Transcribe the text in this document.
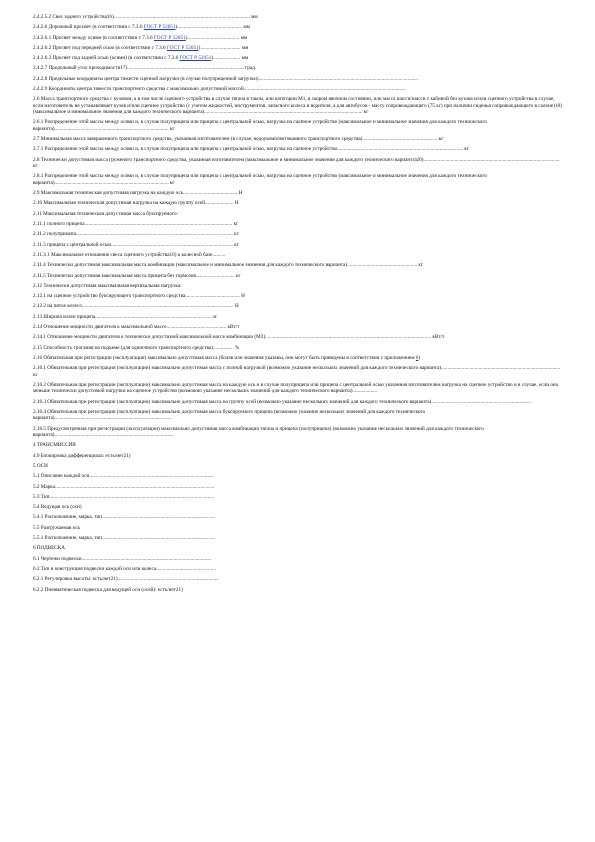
2.4.2.5.2 Свес заднего устройства16)......................................................................................................... мм

2.4.2.6 Дорожный просвет (в соответствии с 7.3.6 ГОСТ Р 52051).................................................. мм

2.4.2.6.1 Просвет между осями (в соответствии с 7.3.6 ГОСТ Р 52051)........................................ мм

2.4.2.6.2 Просвет под передней осью (в соответствии с 7.3.6 ГОСТ Р 52051)............................... мм

2.4.2.6.3 Просвет под задней осью (осями) (в соответствии с 7.3.6 ГОСТ Р 52051)..................... мм

2.4.2.7 Продольный угол проходимости17).......................................................................................... град.

2.4.2.8 Предельные координаты центра тяжести сцепной нагрузки (в случае полуприцепной загрузки)...........................................................................................................................

2.4.2.9 Координаты центра тяжести транспортного средства с максимально допустимой массой.............................................................................................................................

2.6 Масса транспортного средства с кузовом, а в том числе сцепного устройства в случае тягача в таком, или категории M1, в скором явочном состоянии, или масса шасси/шасси с кабиной без кузова и/или сцепного устройства в случае, если изготовитель не устанавливает кузов и/или сцепное устройство (с учетом жидкостей, инструментов, запасного колеса и водителя, а для автобусов - массу сопровождающего (75 кг) при наличии сиденья сопровождающего в салоне)18) (максимальное и минимальное значения для каждого технического варианта).......................................................................................................................... кг

2.6.1 Распределение этой массы между осями и, в случае полуприцепа или прицепа с центральной осью, нагрузка на сцепное устройство (максимальное и минимальное значения для каждого технического варианта)........................................................................................ кг

2.7 Минимальная масса завершенного транспортного средства, указанная изготовителем (в случае, недоукомплектованного транспортного средства).......................................................... кг

2.7.1 Распределение этой массы между осями и, в случае полуприцепа или прицепа с центральной осью, нагрузка на сцепное устройство................................................................................................. кг

2.8 Технически допустимая масса груженого транспортного средства, указанная изготовителем (максимальное и минимальное значения для каждого технического варианта)20)......................................................................................................... кг

2.8.1 Распределение этой массы между осями и, в случае полуприцепа или прицепа с центральной осью, нагрузка на сцепное устройство (максимальное и минимальное значения для каждого технического варианта)........................................................................................ кг

2.9 Максимальная техническая допустимая нагрузка на каждую ось.......................................... Н

2.10 Максимальная техническая допустимая нагрузка на каждую группу осей...................... Н

2.11 Максимальная техническая допустимая масса буксируемого:

2.11.1 полного прицепа.................................................................................................................. кг

2.11.2 полуприцепа......................................................................................................................... кг

2.11.3 прицепа с центральной осью.............................................................................................. кг

2.11.3.1 Максимальное отношение свеса сцепного устройства16) к колесной базе..........

2.11.4 Технически допустимая максимальная масса комбинации (максимальное и минимальное значения для каждого технического варианта)...................................................... кг

2.11.5 Технически допустимая максимальная масса прицепа без тормозов.............................. кг

2.12 Технически допустимая максимальная вертикальная нагрузка:

2.12.1 на сцепное устройство буксирующего транспортного средства.......................................... Н

2.12.2 на пятое колесо..................................................................................................................... Н

2.13 Ширина колеи прицепа.......................................................................................... м

2.14 Отношение мощности двигателя к максимальной массе.............................................. кВт/т

2.14.1 Отношение мощности двигателя к технически допустимой максимальной массе комбинации (M2)................................................................................................................................ кВт/т

2.15 Способность трогания на подъеме (для одиночного транспортного средства)................ %

2.16 Обязательная при регистрации (эксплуатации) максимально допустимая масса (болев или значения указаны, они могут быть приведены в соответствии с приложением 8)

2.16.1 Обязательная при регистрации (эксплуатации) максимально допустимая масса с полной нагрузкой (возможно указание нескольких значений для каждого технического варианта)............................................................................................ кг

2.16.2 Обязательная при регистрации (эксплуатации) максимально допустимая масса на каждую ось и в случае полуприцепа или прицепа с центральной осью указанная изготовителем нагрузка на сцепное устройство и в случае, если она меньше технически допустимой нагрузки на сцепное устройство (возможно указание нескольких значений для каждого технического варианта)...................

2.16.3 Обязательная при регистрации (эксплуатации) максимально допустимая масса на группу осей (возможно указание нескольких значений для каждого технического варианта).............................................................................

2.16.4 Обязательная при регистрации (эксплуатации) максимально допустимая масса буксируемого прицепа (возможно указание нескольких значений для каждого технического варианта)..........................................................................................

2.16.5 Предусмотренная при регистрации (эксплуатации) максимально допустимая масса комбинации тягача и прицепа (полуприцепа) (возможно указание нескольких значений для каждого технического варианта)............................................................................................

4 ТРАНСМИССИЯ

4.9 Блокировка дифференциала: есть/нет21)

5 ОСИ

5.1 Описание каждой оси................................................................................................

5.2 Марка...........................................................................................................................

5.3 Тип...............................................................................................................................

5.4 Ведущая ось (оси)

5.4.1 Расположение, марка, тип.......................................................................................

5.5 Разгружаемая ось

5.5.1 Расположение, марка, тип.......................................................................................

6 ПОДВЕСКА

6.1 Чертежи подвески....................................................................................................

6.2 Тип и конструкция подвески каждой оси или колеса..............................................

6.2.1 Регулировка высоты: есть/нет21)..............................................................................

6.2.2 Пневматическая подвеска для ведущей оси (осей): есть/нет21)
